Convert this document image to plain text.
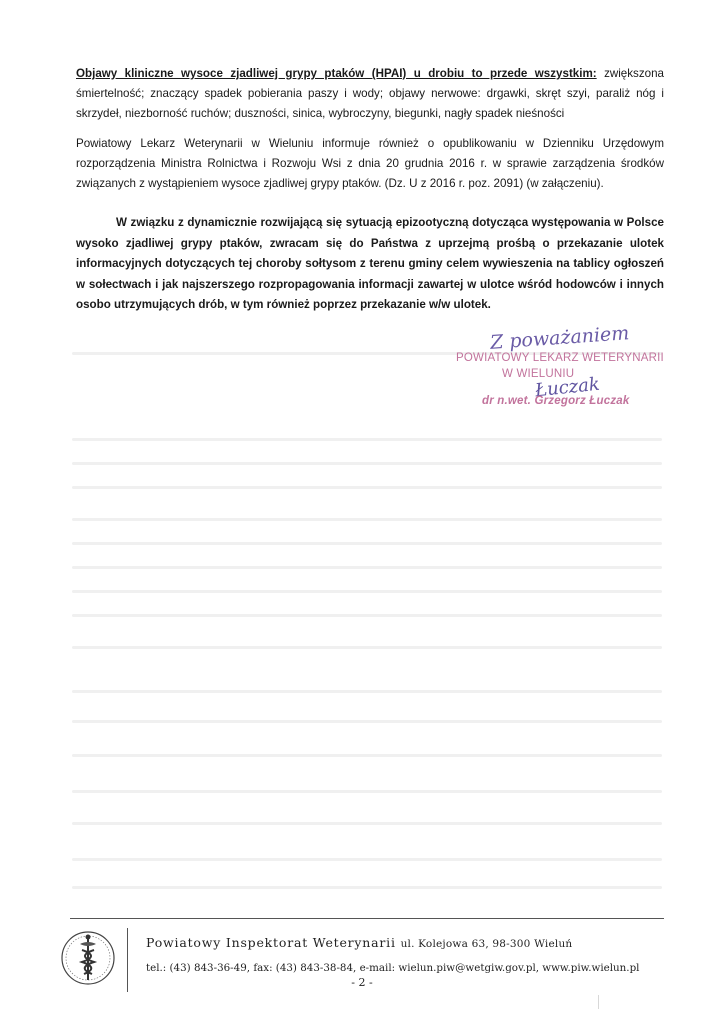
Objawy kliniczne wysoce zjadliwej grypy ptaków (HPAI) u drobiu to przede wszystkim: zwiększona śmiertelność; znaczący spadek pobierania paszy i wody; objawy nerwowe: drgawki, skręt szyi, paraliż nóg i skrzydeł, niezborność ruchów; duszności, sinica, wybroczyny, biegunki, nagły spadek nieśności

Powiatowy Lekarz Weterynarii w Wieluniu informuje również o opublikowaniu w Dzienniku Urzędowym rozporządzenia Ministra Rolnictwa i Rozwoju Wsi z dnia 20 grudnia 2016 r. w sprawie zarządzenia środków związanych z wystąpieniem wysoce zjadliwej grypy ptaków. (Dz. U z 2016 r. poz. 2091) (w załączeniu).

W związku z dynamicznie rozwijającą się sytuacją epizootyczną dotycząca występowania w Polsce wysoko zjadliwej grypy ptaków, zwracam się do Państwa z uprzejmą prośbą o przekazanie ulotek informacyjnych dotyczących tej choroby sołtysom z terenu gminy celem wywieszenia na tablicy ogłoszeń w sołectwach i jak najszerszego rozpropagowania informacji zawartej w ulotce wśród hodowców i innych osobo utrzymujących drób, w tym również poprzez przekazanie w/w ulotek.

Z poważaniem
POWIATOWY LEKARZ WETERYNARII
W WIELUNIU
Łuczak
dr n.wet. Grzegorz Łuczak
Powiatowy Inspektorat Weterynarii ul. Kolejowa 63, 98-300 Wieluń
tel.: (43) 843-36-49, fax: (43) 843-38-84, e-mail: wielun.piw@wetgiw.gov.pl, www.piw.wielun.pl
- 2 -
